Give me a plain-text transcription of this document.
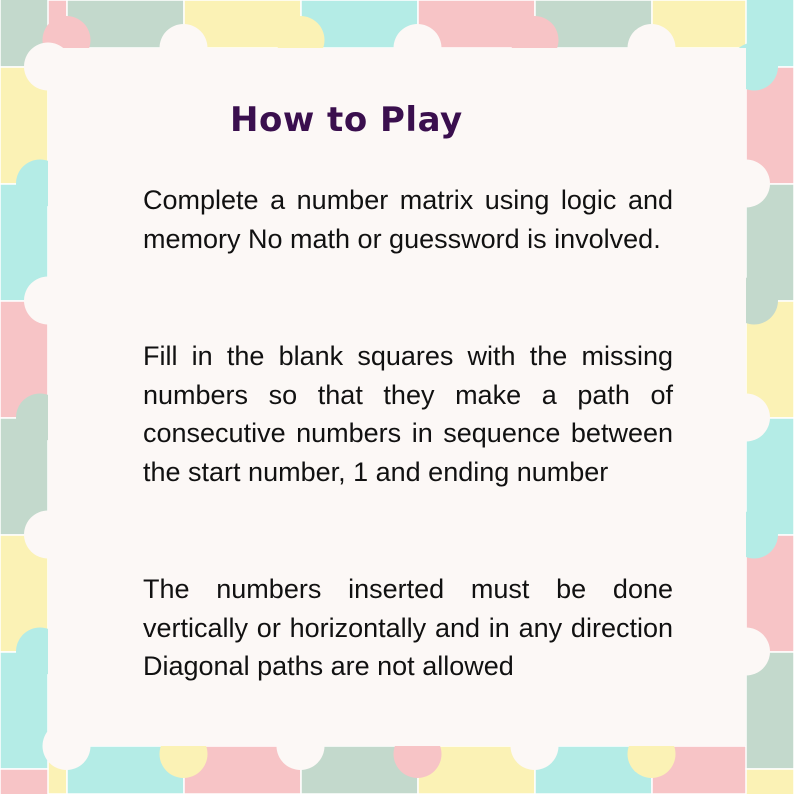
How to Play

Complete a number matrix using logic and memory No math or guessword is involved.

Fill in the blank squares with the missing numbers so that they make a path of consecutive numbers in sequence between the start number, 1 and ending number

The numbers inserted must be done vertically or horizontally and in any direction Diagonal paths are not allowed
